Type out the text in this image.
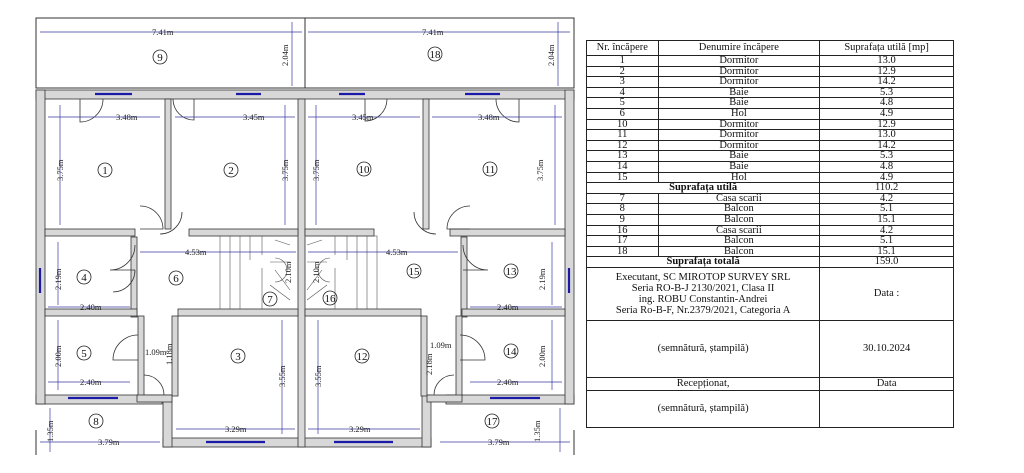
7.41m	7.41m
2.04m	2.04m
3.48m	3.45m	3.45m	3.48m
3.75m	3.75m 3.75m	3.75m
4.53m	4.53m
2.19m
2.40m
2.19m
2.40m
2.10m 2.10m
2.00m
2.40m
2.00m
2.40m
1.09m
1.09m
1.18m	2.18m
3.55m	3.55m
3.29m	3.29m
1.35m	3.79m	1.35m
3.79m
9	18
1	2	10	11
4	6
7	16
15	13
5	3	12	14
8	17
Nr. încăpere	Denumire încăpere	Suprafața utilă [mp]
1	Dormitor	13.0
2	Dormitor	12.9
3	Dormitor	14.2
4	Baie	5.3
5	Baie	4.8
6	Hol	4.9
10	Dormitor	12.9
11	Dormitor	13.0
12	Dormitor	14.2
13	Baie	5.3
14	Baie	4.8
15	Hol	4.9
Suprafața utilă		110.2
7	Casa scarii	4.2
8	Balcon	5.1
9	Balcon	15.1
16	Casa scarii	4.2
17	Balcon	5.1
18	Balcon	15.1
Suprafața totală		159.0
Executant, SC MIROTOP SURVEY SRL
Seria RO-B-J 2130/2021, Clasa II
ing. ROBU Constantin-Andrei
Seria Ro-B-F, Nr.2379/2021, Categoria A		Data :
(semnătură, ștampilă)		30.10.2024
Recepționat,		Data
(semnătură, ștampilă)		
